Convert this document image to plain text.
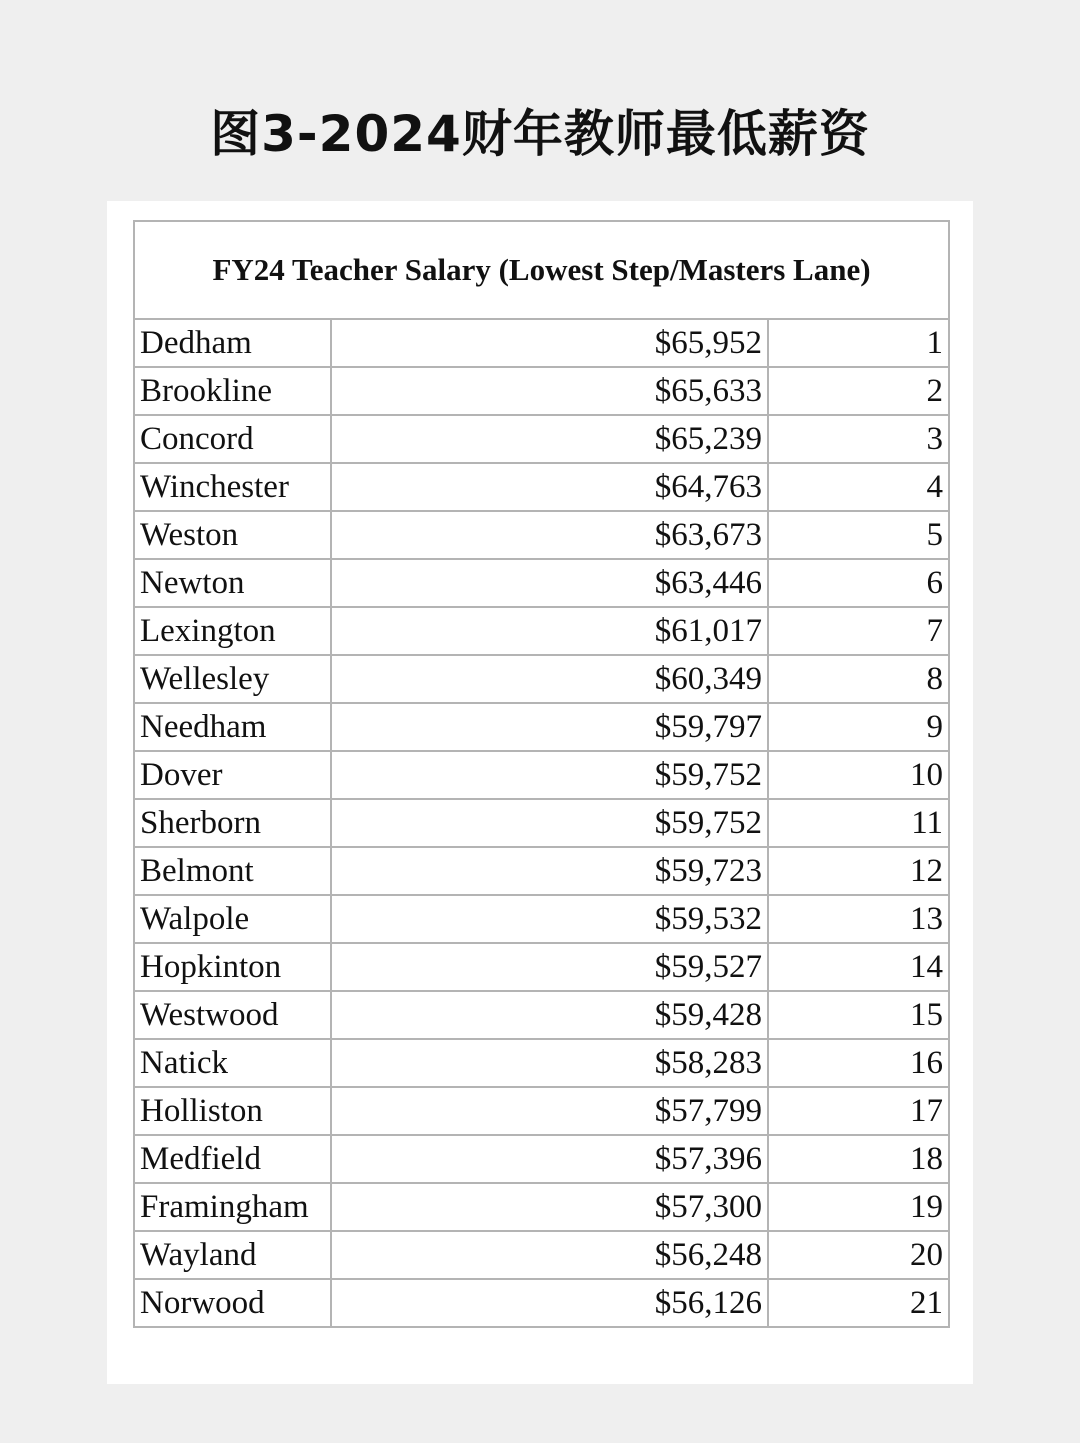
图3-2024财年教师最低薪资
FY24 Teacher Salary (Lowest Step/Masters Lane)		
Dedham	$65,952	1
Brookline	$65,633	2
Concord	$65,239	3
Winchester	$64,763	4
Weston	$63,673	5
Newton	$63,446	6
Lexington	$61,017	7
Wellesley	$60,349	8
Needham	$59,797	9
Dover	$59,752	10
Sherborn	$59,752	11
Belmont	$59,723	12
Walpole	$59,532	13
Hopkinton	$59,527	14
Westwood	$59,428	15
Natick	$58,283	16
Holliston	$57,799	17
Medfield	$57,396	18
Framingham	$57,300	19
Wayland	$56,248	20
Norwood	$56,126	21
